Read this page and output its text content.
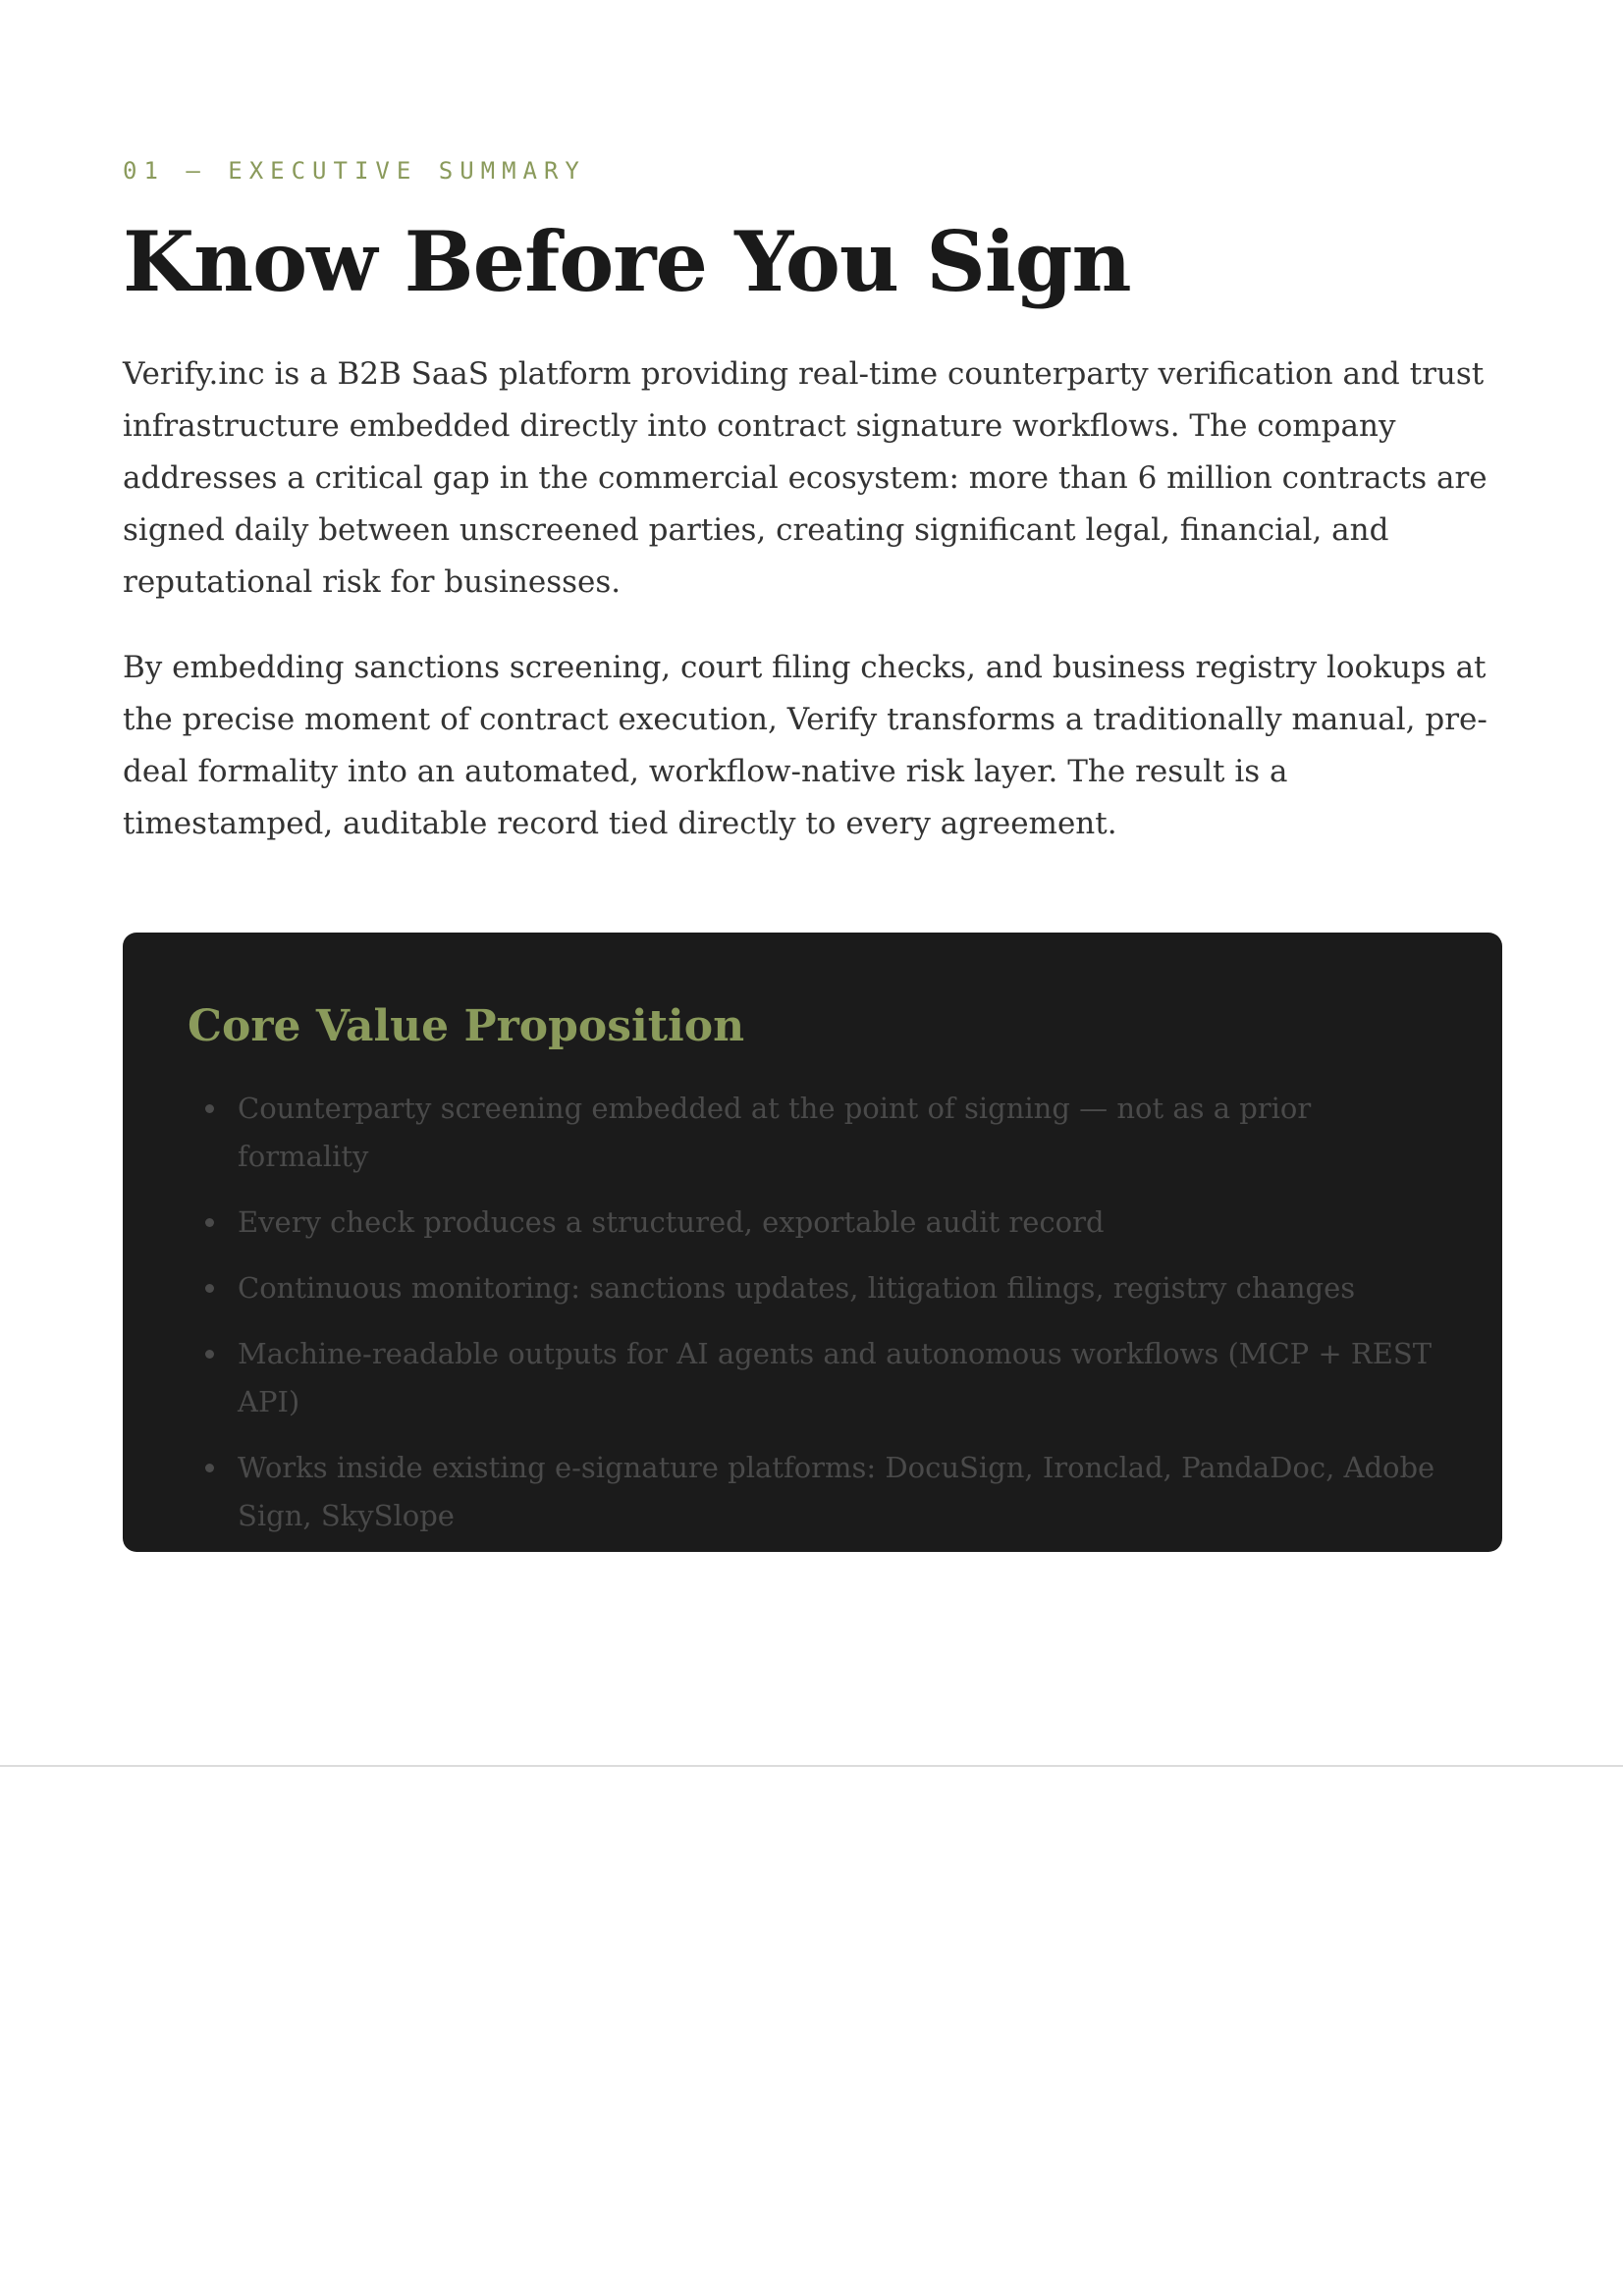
01 — EXECUTIVE SUMMARY
Know Before You Sign

Verify.inc is a B2B SaaS platform providing real-time counterparty verification and trust infrastructure embedded directly into contract signature workflows. The company addresses a critical gap in the commercial ecosystem: more than 6 million contracts are signed daily between unscreened parties, creating significant legal, financial, and reputational risk for businesses.

By embedding sanctions screening, court filing checks, and business registry lookups at the precise moment of contract execution, Verify transforms a traditionally manual, pre-deal formality into an automated, workflow-native risk layer. The result is a timestamped, auditable record tied directly to every agreement.

Core Value Proposition
Counterparty screening embedded at the point of signing — not as a prior formality
Every check produces a structured, exportable audit record
Continuous monitoring: sanctions updates, litigation filings, registry changes
Machine-readable outputs for AI agents and autonomous workflows (MCP + REST API)
Works inside existing e-signature platforms: DocuSign, Ironclad, PandaDoc, Adobe Sign, SkySlope
